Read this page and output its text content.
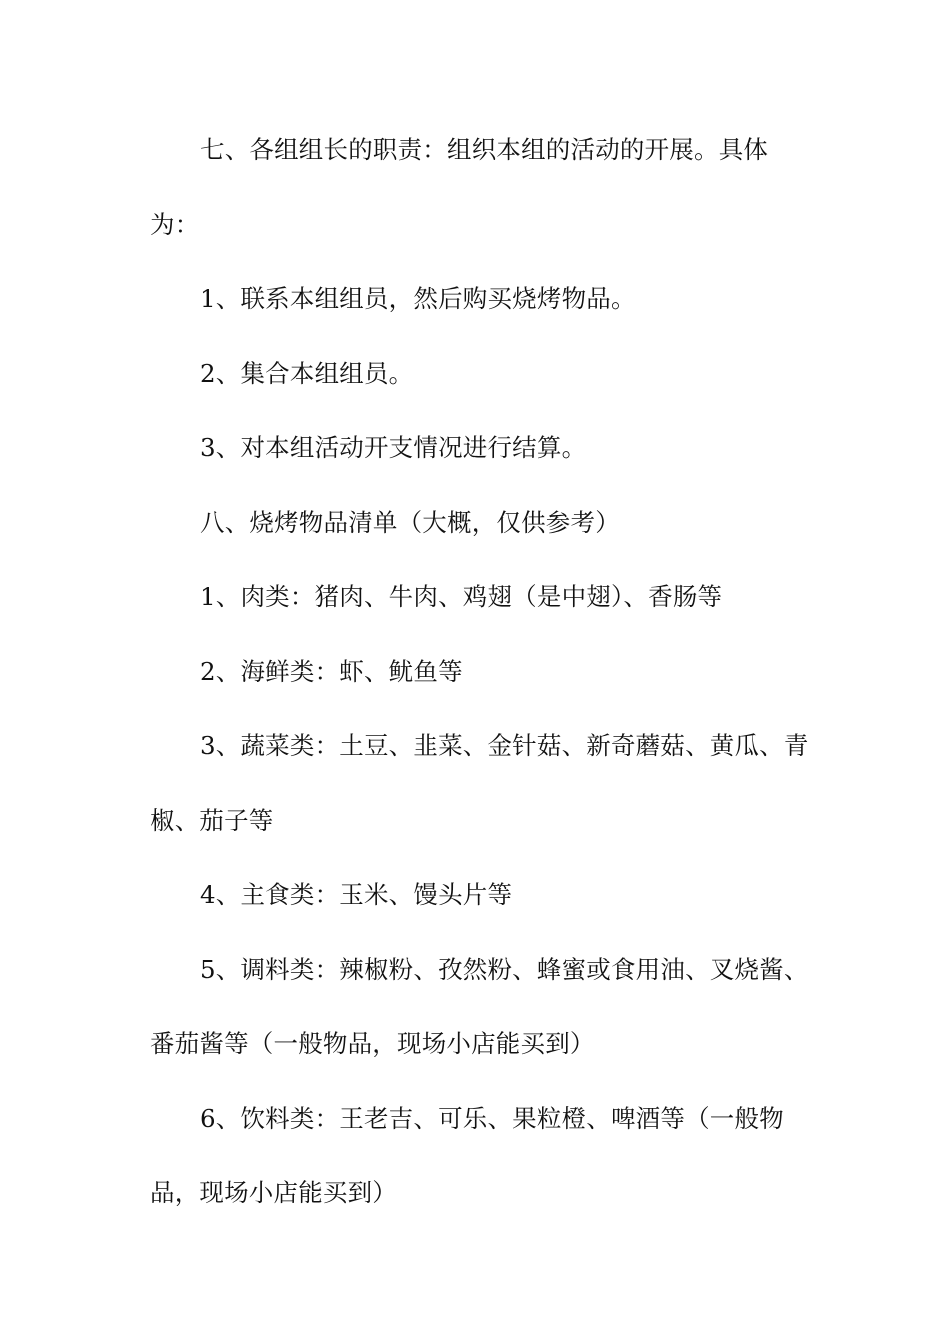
七、各组组长的职责：组织本组的活动的开展。具体为：

1、联系本组组员，然后购买烧烤物品。

2、集合本组组员。

3、对本组活动开支情况进行结算。

八、烧烤物品清单（大概，仅供参考）

1、肉类：猪肉、牛肉、鸡翅（是中翅）、香肠等

2、海鲜类：虾、鱿鱼等

3、蔬菜类：土豆、韭菜、金针菇、新奇蘑菇、黄瓜、青椒、茄子等

4、主食类：玉米、馒头片等

5、调料类：辣椒粉、孜然粉、蜂蜜或食用油、叉烧酱、番茄酱等（一般物品，现场小店能买到）

6、饮料类：王老吉、可乐、果粒橙、啤酒等（一般物品，现场小店能买到）
